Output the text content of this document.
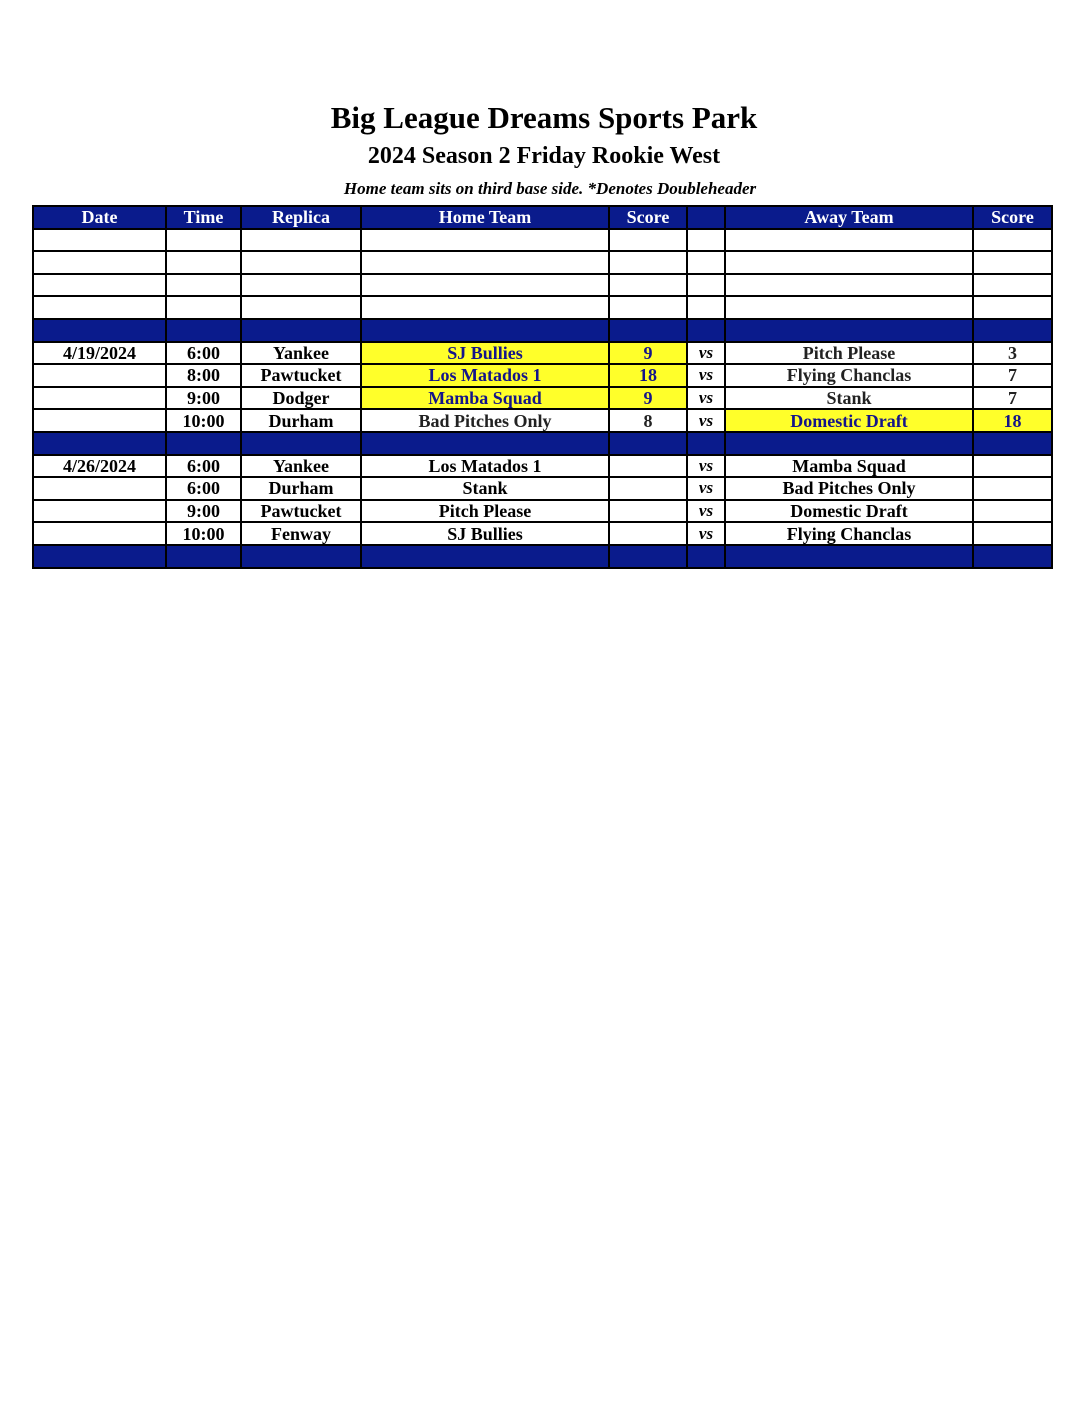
Big League Dreams Sports Park
2024 Season 2 Friday Rookie West
Home team sits on third base side. *Denotes Doubleheader
Date	Time	Replica	Home Team	Score		Away Team	Score

4/19/2024	6:00	Yankee	SJ Bullies	9	vs	Pitch Please	3
	8:00	Pawtucket	Los Matados 1	18	vs	Flying Chanclas	7
	9:00	Dodger	Mamba Squad	9	vs	Stank	7
	10:00	Durham	Bad Pitches Only	8	vs	Domestic Draft	18

4/26/2024	6:00	Yankee	Los Matados 1		vs	Mamba Squad	
	6:00	Durham	Stank		vs	Bad Pitches Only	
	9:00	Pawtucket	Pitch Please		vs	Domestic Draft	
	10:00	Fenway	SJ Bullies		vs	Flying Chanclas	
